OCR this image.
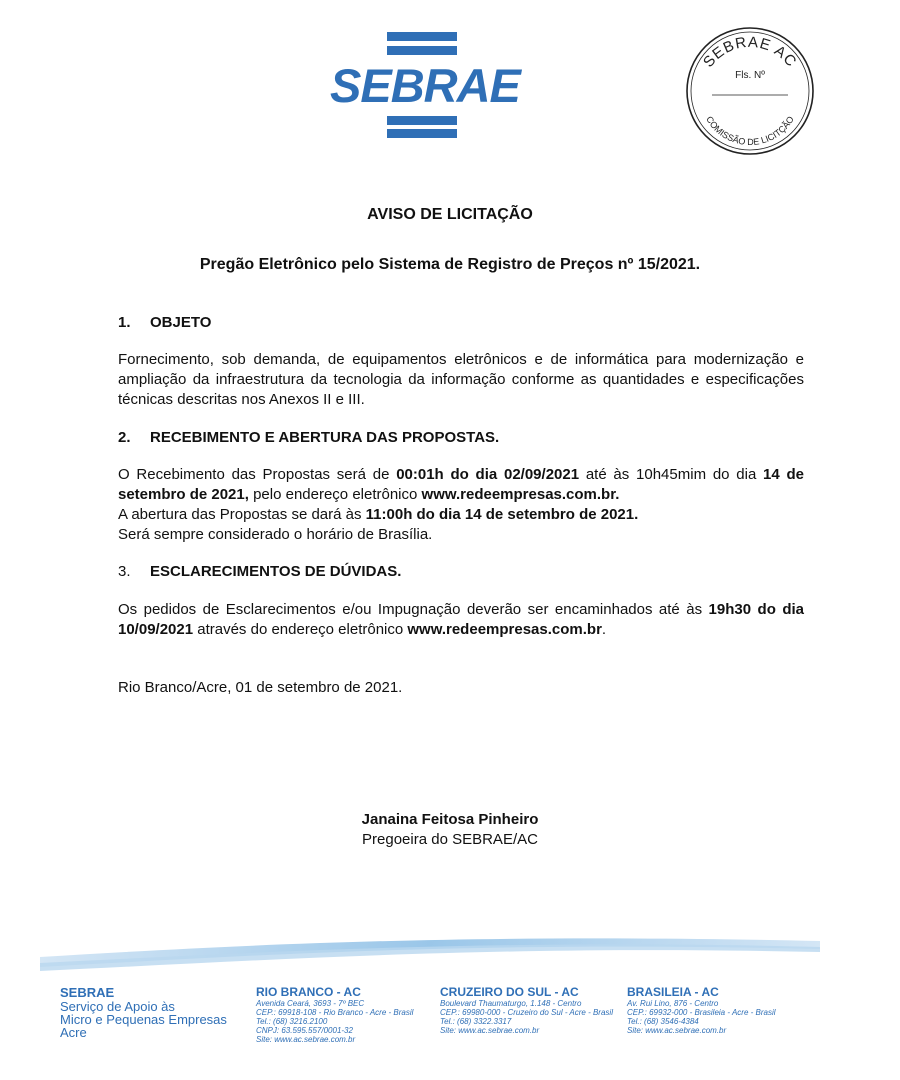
SEBRAE	SEBRAE AC
COMISSÃO DE LICITÇÃO
Fls. Nº
AVISO DE LICITAÇÃO
Pregão Eletrônico pelo Sistema de Registro de Preços nº 15/2021.
1. OBJETO
Fornecimento, sob demanda, de equipamentos eletrônicos e de informática para modernização e ampliação da infraestrutura da tecnologia da informação conforme as quantidades e especificações técnicas descritas nos Anexos II e III.
2. RECEBIMENTO E ABERTURA DAS PROPOSTAS.
O Recebimento das Propostas será de 00:01h do dia 02/09/2021 até às 10h45mim do dia 14 de setembro de 2021, pelo endereço eletrônico www.redeempresas.com.br.
A abertura das Propostas se dará às 11:00h do dia 14 de setembro de 2021.
Será sempre considerado o horário de Brasília.
3. ESCLARECIMENTOS DE DÚVIDAS.
Os pedidos de Esclarecimentos e/ou Impugnação deverão ser encaminhados até às 19h30 do dia 10/09/2021 através do endereço eletrônico www.redeempresas.com.br.
Rio Branco/Acre, 01 de setembro de 2021.
Janaina Feitosa Pinheiro
Pregoeira do SEBRAE/AC
SEBRAE
Serviço de Apoio às
Micro e Pequenas Empresas
Acre
RIO BRANCO - AC
Avenida Ceará, 3693 - 7º BEC
CEP.: 69918-108 - Rio Branco - Acre - Brasil
Tel.: (68) 3216.2100
CNPJ: 63.595.557/0001-32
Site: www.ac.sebrae.com.br
CRUZEIRO DO SUL - AC
Boulevard Thaumaturgo, 1.148 - Centro
CEP.: 69980-000 - Cruzeiro do Sul - Acre - Brasil
Tel.: (68) 3322.3317
Site: www.ac.sebrae.com.br
BRASILEIA - AC
Av. Rui Lino, 876 - Centro
CEP.: 69932-000 - Brasileia - Acre - Brasil
Tel.: (68) 3546-4384
Site: www.ac.sebrae.com.br
